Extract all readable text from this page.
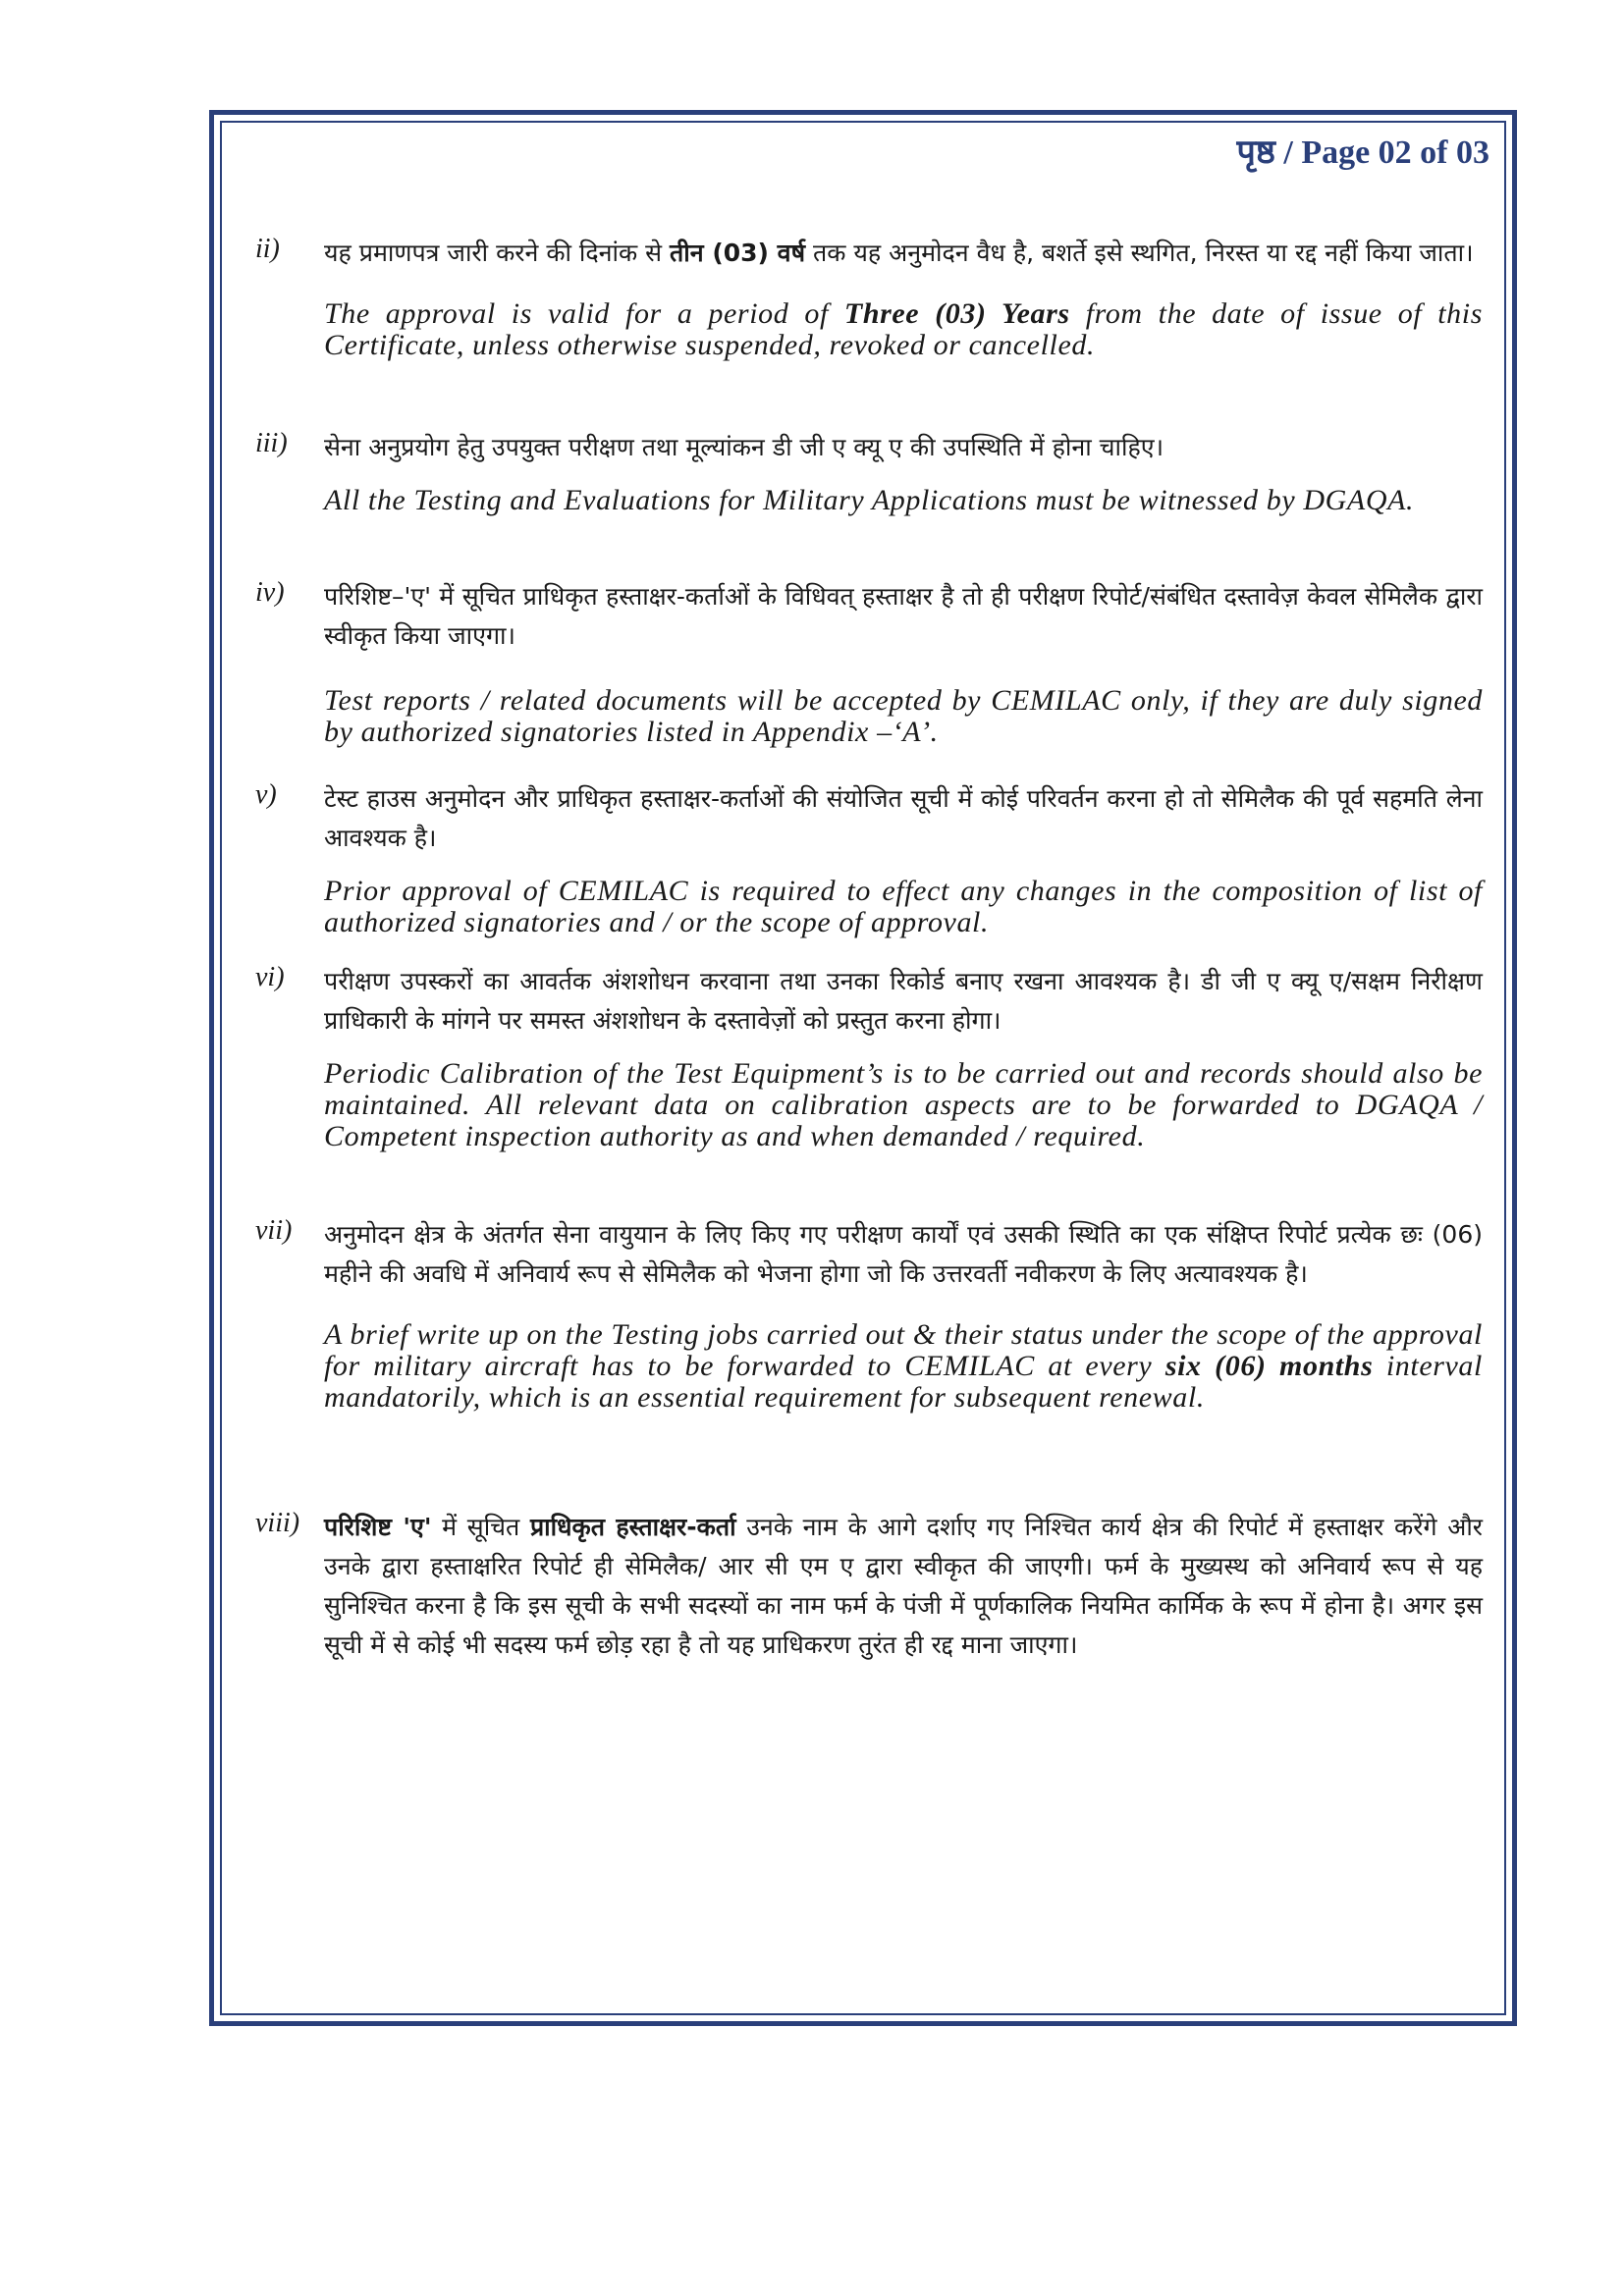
पृष्ठ / Page 02 of 03
ii) यह प्रमाणपत्र जारी करने की दिनांक से तीन (03) वर्ष तक यह अनुमोदन वैध है, बशर्ते इसे स्थगित, निरस्त या रद्द नहीं किया जाता।
The approval is valid for a period of Three (03) Years from the date of issue of this Certificate, unless otherwise suspended, revoked or cancelled.
iii) सेना अनुप्रयोग हेतु उपयुक्त परीक्षण तथा मूल्यांकन डी जी ए क्यू ए की उपस्थिति में होना चाहिए।
All the Testing and Evaluations for Military Applications must be witnessed by DGAQA.
iv) परिशिष्ट–'ए' में सूचित प्राधिकृत हस्ताक्षर-कर्ताओं के विधिवत् हस्ताक्षर है तो ही परीक्षण रिपोर्ट/संबंधित दस्तावेज़ केवल सेमिलैक द्वारा स्वीकृत किया जाएगा।
Test reports / related documents will be accepted by CEMILAC only, if they are duly signed by authorized signatories listed in Appendix –‘A’.
v) टेस्ट हाउस अनुमोदन और प्राधिकृत हस्ताक्षर-कर्ताओं की संयोजित सूची में कोई परिवर्तन करना हो तो सेमिलैक की पूर्व सहमति लेना आवश्यक है।
Prior approval of CEMILAC is required to effect any changes in the composition of list of authorized signatories and / or the scope of approval.
vi) परीक्षण उपस्करों का आवर्तक अंशशोधन करवाना तथा उनका रिकोर्ड बनाए रखना आवश्यक है। डी जी ए क्यू ए/सक्षम निरीक्षण प्राधिकारी के मांगने पर समस्त अंशशोधन के दस्तावेज़ों को प्रस्तुत करना होगा।
Periodic Calibration of the Test Equipment’s is to be carried out and records should also be maintained. All relevant data on calibration aspects are to be forwarded to DGAQA / Competent inspection authority as and when demanded / required.
vii) अनुमोदन क्षेत्र के अंतर्गत सेना वायुयान के लिए किए गए परीक्षण कार्यों एवं उसकी स्थिति का एक संक्षिप्त रिपोर्ट प्रत्येक छः (06) महीने की अवधि में अनिवार्य रूप से सेमिलैक को भेजना होगा जो कि उत्तरवर्ती नवीकरण के लिए अत्यावश्यक है।
A brief write up on the Testing jobs carried out & their status under the scope of the approval for military aircraft has to be forwarded to CEMILAC at every six (06) months interval mandatorily, which is an essential requirement for subsequent renewal.
viii) परिशिष्ट 'ए' में सूचित प्राधिकृत हस्ताक्षर-कर्ता उनके नाम के आगे दर्शाए गए निश्चित कार्य क्षेत्र की रिपोर्ट में हस्ताक्षर करेंगे और उनके द्वारा हस्ताक्षरित रिपोर्ट ही सेमिलैक/ आर सी एम ए द्वारा स्वीकृत की जाएगी। फर्म के मुख्यस्थ को अनिवार्य रूप से यह सुनिश्चित करना है कि इस सूची के सभी सदस्यों का नाम फर्म के पंजी में पूर्णकालिक नियमित कार्मिक के रूप में होना है। अगर इस सूची में से कोई भी सदस्य फर्म छोड़ रहा है तो यह प्राधिकरण तुरंत ही रद्द माना जाएगा।
